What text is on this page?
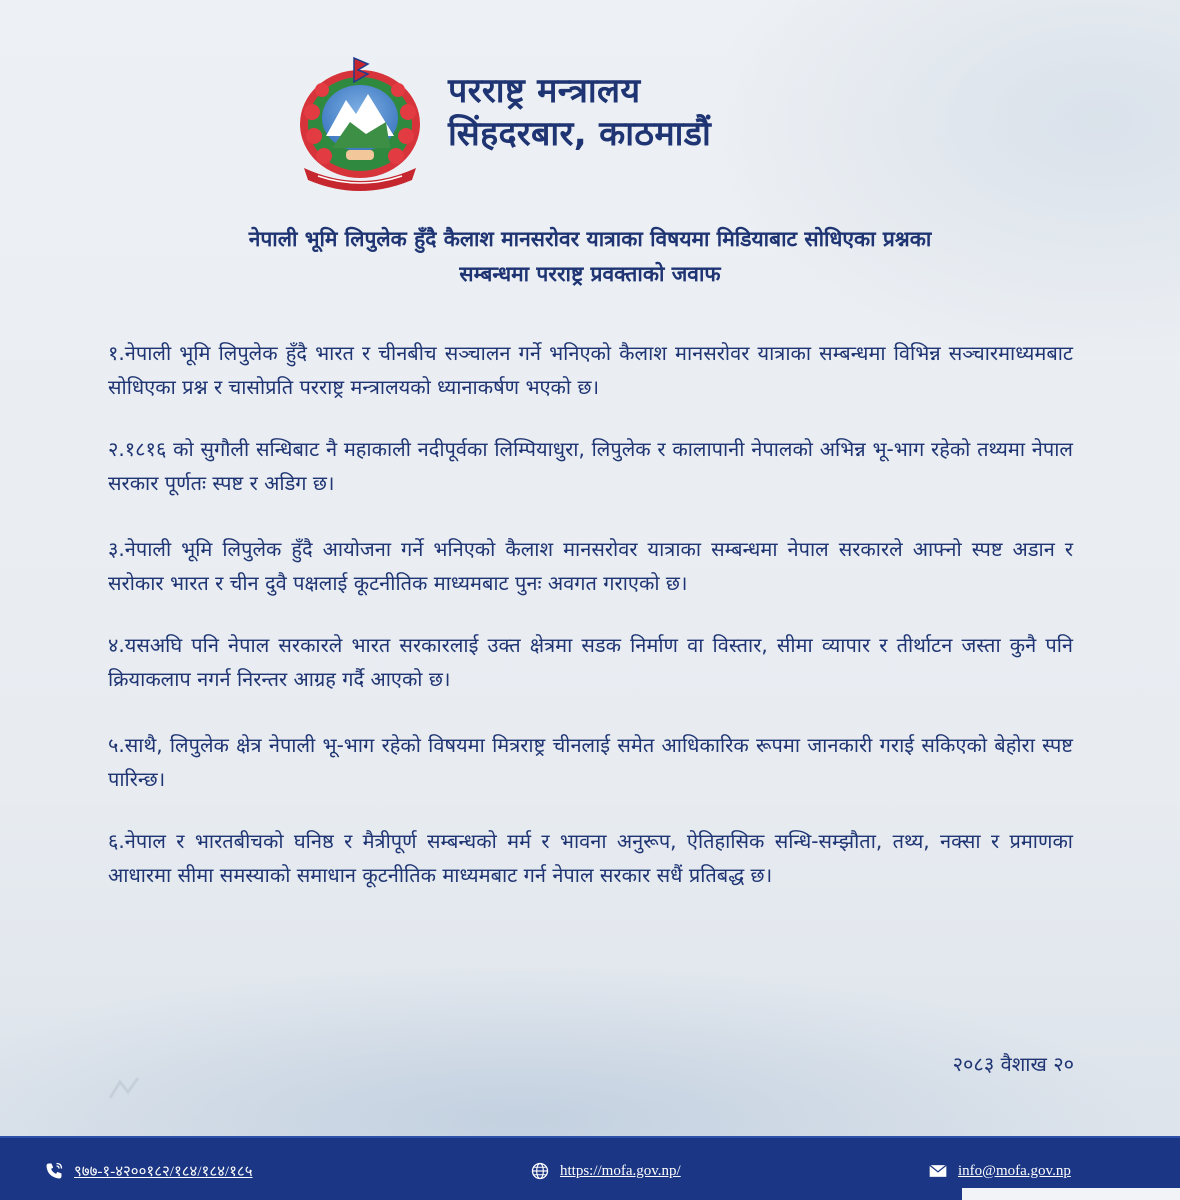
परराष्ट्र मन्त्रालय
सिंहदरबार, काठमाडौं
नेपाली भूमि लिपुलेक हुँदै कैलाश मानसरोवर यात्राका विषयमा मिडियाबाट सोधिएका प्रश्नका
सम्बन्धमा परराष्ट्र प्रवक्ताको जवाफ

१.नेपाली भूमि लिपुलेक हुँदै भारत र चीनबीच सञ्चालन गर्ने भनिएको कैलाश मानसरोवर यात्राका सम्बन्धमा विभिन्न सञ्चारमाध्यमबाट सोधिएका प्रश्न र चासोप्रति परराष्ट्र मन्त्रालयको ध्यानाकर्षण भएको छ।

२.१८१६ को सुगौली सन्धिबाट नै महाकाली नदीपूर्वका लिम्पियाधुरा, लिपुलेक र कालापानी नेपालको अभिन्न भू-भाग रहेको तथ्यमा नेपाल सरकार पूर्णतः स्पष्ट र अडिग छ।

३.नेपाली भूमि लिपुलेक हुँदै आयोजना गर्ने भनिएको कैलाश मानसरोवर यात्राका सम्बन्धमा नेपाल सरकारले आफ्नो स्पष्ट अडान र सरोकार भारत र चीन दुवै पक्षलाई कूटनीतिक माध्यमबाट पुनः अवगत गराएको छ।

४.यसअघि पनि नेपाल सरकारले भारत सरकारलाई उक्त क्षेत्रमा सडक निर्माण वा विस्तार, सीमा व्यापार र तीर्थाटन जस्ता कुनै पनि क्रियाकलाप नगर्न निरन्तर आग्रह गर्दै आएको छ।

५.साथै, लिपुलेक क्षेत्र नेपाली भू-भाग रहेको विषयमा मित्रराष्ट्र चीनलाई समेत आधिकारिक रूपमा जानकारी गराई सकिएको बेहोरा स्पष्ट पारिन्छ।

६.नेपाल र भारतबीचको घनिष्ठ र मैत्रीपूर्ण सम्बन्धको मर्म र भावना अनुरूप, ऐतिहासिक सन्धि-सम्झौता, तथ्य, नक्सा र प्रमाणका आधारमा सीमा समस्याको समाधान कूटनीतिक माध्यमबाट गर्न नेपाल सरकार सधैं प्रतिबद्ध छ।

२०८३ वैशाख २०
९७७-१-४२००१८२/१८४/१८४/१८५	https://mofa.gov.np/	info@mofa.gov.np
